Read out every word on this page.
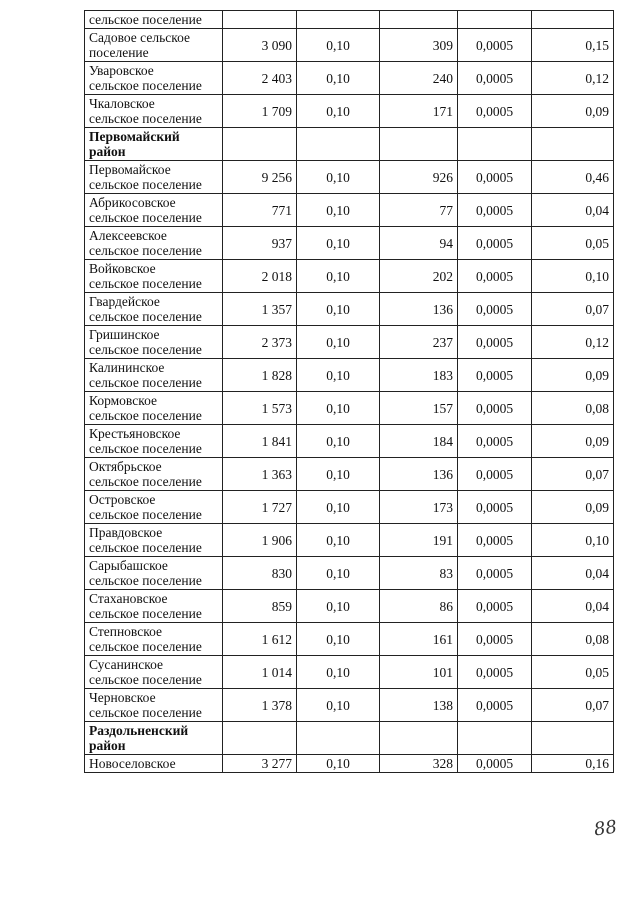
сельское поселение					

Садовое сельское
поселение	3 090	0,10	309	0,0005	0,15

Уваровское
сельское поселение	2 403	0,10	240	0,0005	0,12

Чкаловское
сельское поселение	1 709	0,10	171	0,0005	0,09

Первомайский
район					

Первомайское
сельское поселение	9 256	0,10	926	0,0005	0,46

Абрикосовское
сельское поселение	771	0,10	77	0,0005	0,04

Алексеевское
сельское поселение	937	0,10	94	0,0005	0,05

Войковское
сельское поселение	2 018	0,10	202	0,0005	0,10

Гвардейское
сельское поселение	1 357	0,10	136	0,0005	0,07

Гришинское
сельское поселение	2 373	0,10	237	0,0005	0,12

Калининское
сельское поселение	1 828	0,10	183	0,0005	0,09

Кормовское
сельское поселение	1 573	0,10	157	0,0005	0,08

Крестьяновское
сельское поселение	1 841	0,10	184	0,0005	0,09

Октябрьское
сельское поселение	1 363	0,10	136	0,0005	0,07

Островское
сельское поселение	1 727	0,10	173	0,0005	0,09

Правдовское
сельское поселение	1 906	0,10	191	0,0005	0,10

Сарыбашское
сельское поселение	830	0,10	83	0,0005	0,04

Стахановское
сельское поселение	859	0,10	86	0,0005	0,04

Степновское
сельское поселение	1 612	0,10	161	0,0005	0,08

Сусанинское
сельское поселение	1 014	0,10	101	0,0005	0,05

Черновское
сельское поселение	1 378	0,10	138	0,0005	0,07

Раздольненский
район					

Новоселовское	3 277	0,10	328	0,0005	0,16
88
